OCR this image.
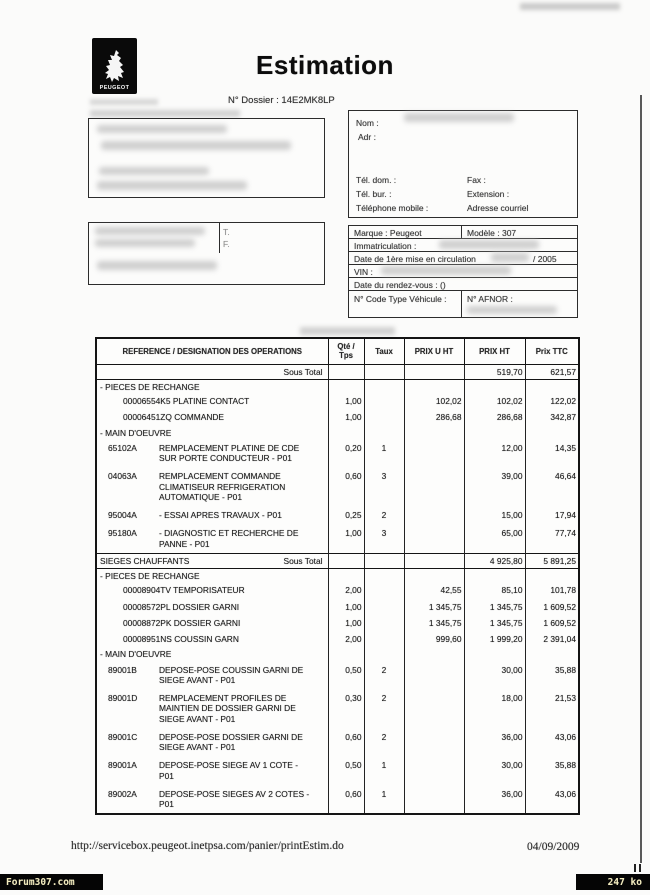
PEUGEOT
Estimation
N° Dossier : 14E2MK8LP
T.
F.
Nom :
Adr :
Tél. dom. :	Fax :
Tél. bur. :	Extension :
Téléphone mobile :	Adresse courriel
Marque : Peugeot	Modèle : 307
Immatriculation :
Date de 1ère mise en circulation	/ 2005
VIN :
Date du rendez-vous : ()
N° Code Type Véhicule : N° AFNOR :
REFERENCE / DESIGNATION DES OPERATIONS	Qté / Tps	Taux	PRIX U HT	PRIX HT	Prix TTC

Sous Total				519,70	621,57
- PIECES DE RECHANGE					

00006554K5 PLATINE CONTACT	1,00		102,02	102,02	122,02

00006451ZQ COMMANDE	1,00		286,68	286,68	342,87
- MAIN D'OEUVRE					

65102A REMPLACEMENT PLATINE DE CDE SUR PORTE CONDUCTEUR - P01	0,20	1		12,00	14,35

04063A REMPLACEMENT COMMANDE CLIMATISEUR REFRIGERATION AUTOMATIQUE - P01	0,60	3		39,00	46,64

95004A - ESSAI APRES TRAVAUX - P01	0,25	2		15,00	17,94

95180A - DIAGNOSTIC ET RECHERCHE DE PANNE - P01	1,00	3		65,00	77,74

SIEGES CHAUFFANTS Sous Total				4 925,80	5 891,25
- PIECES DE RECHANGE					

00008904TV TEMPORISATEUR	2,00		42,55	85,10	101,78

00008572PL DOSSIER GARNI	1,00		1 345,75	1 345,75	1 609,52

00008872PK DOSSIER GARNI	1,00		1 345,75	1 345,75	1 609,52

00008951NS COUSSIN GARN	2,00		999,60	1 999,20	2 391,04
- MAIN D'OEUVRE					

89001B DEPOSE-POSE COUSSIN GARNI DE SIEGE AVANT - P01	0,50	2		30,00	35,88

89001D REMPLACEMENT PROFILES DE MAINTIEN DE DOSSIER GARNI DE SIEGE AVANT - P01	0,30	2		18,00	21,53

89001C DEPOSE-POSE DOSSIER GARNI DE SIEGE AVANT - P01	0,60	2		36,00	43,06

89001A DEPOSE-POSE SIEGE AV 1 COTE - P01	0,50	1		30,00	35,88

89002A DEPOSE-POSE SIEGES AV 2 COTES - P01	0,60	1		36,00	43,06
http://servicebox.peugeot.inetpsa.com/panier/printEstim.do	04/09/2009
Forum307.com	247 ko
